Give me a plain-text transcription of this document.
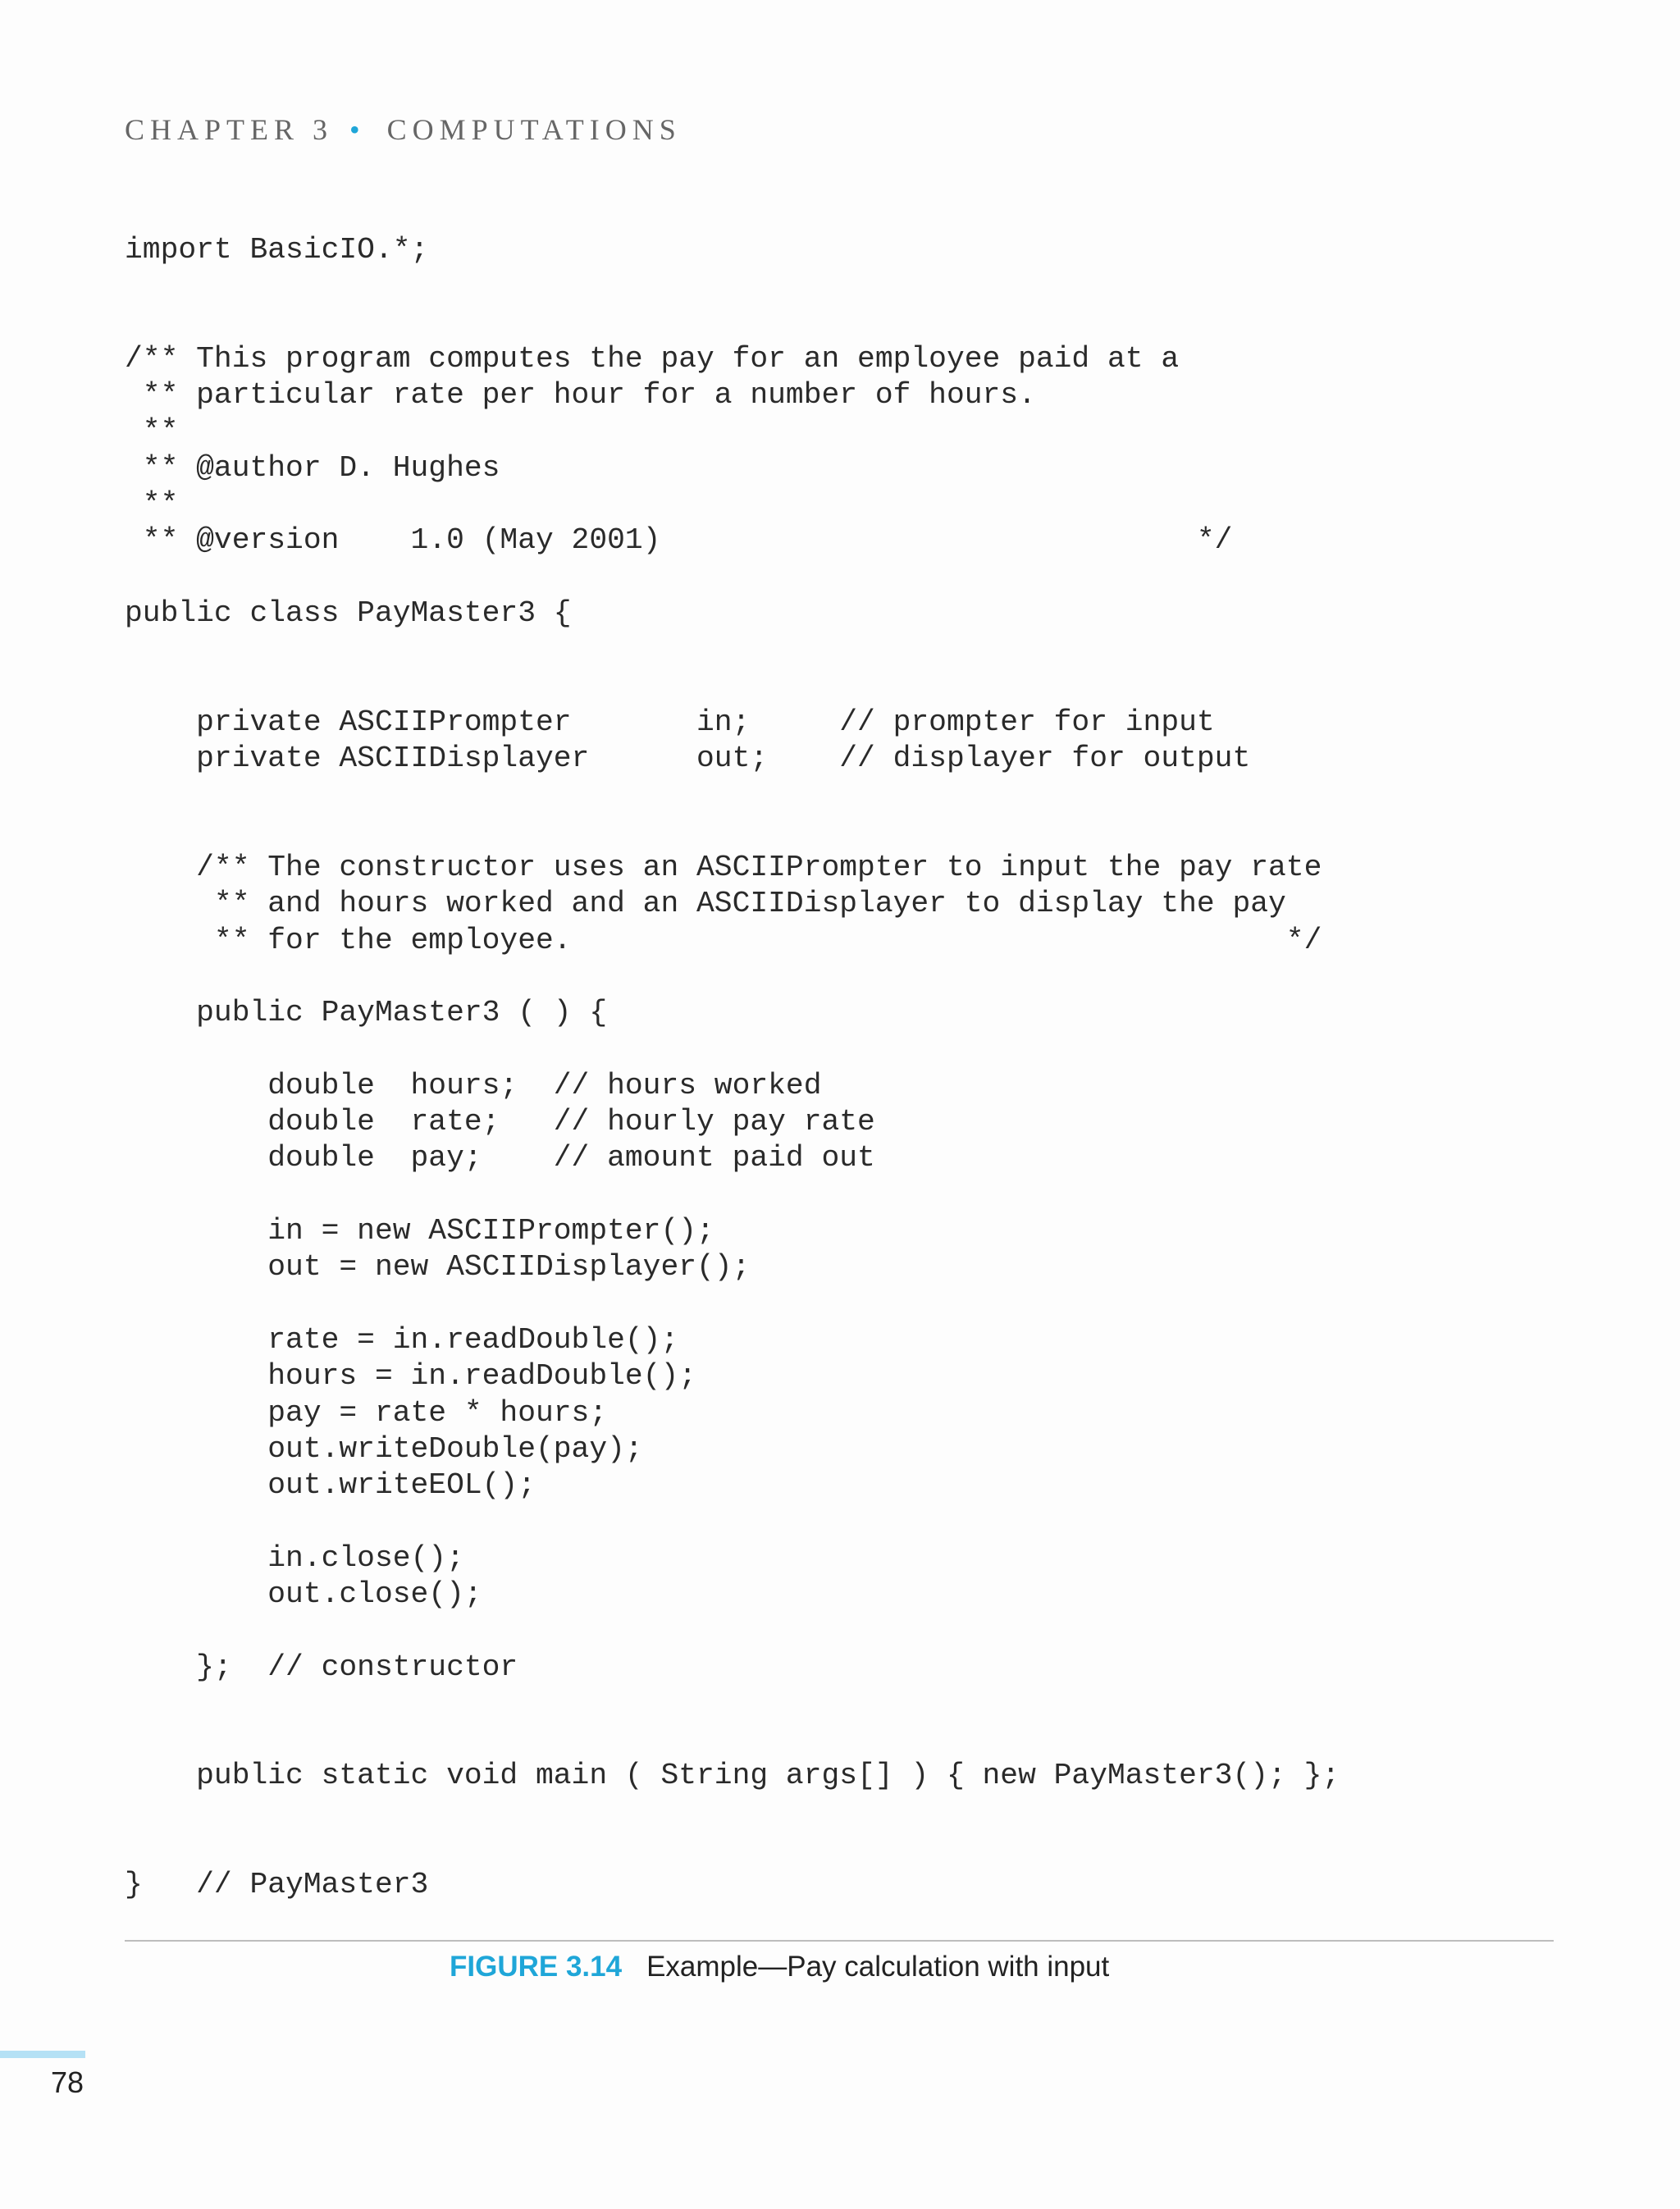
CHAPTER 3 • COMPUTATIONS
import BasicIO.*;

/** This program computes the pay for an employee paid at a
** particular rate per hour for a number of hours.
**
** @author D. Hughes
**
** @version    1.0 (May 2001)                              */

public class PayMaster3 {

private ASCIIPrompter       in;     // prompter for input
private ASCIIDisplayer      out;    // displayer for output

/** The constructor uses an ASCIIPrompter to input the pay rate
** and hours worked and an ASCIIDisplayer to display the pay
** for the employee.                                        */

public PayMaster3 ( ) {

double  hours;  // hours worked
double  rate;   // hourly pay rate
double  pay;    // amount paid out

in = new ASCIIPrompter();
out = new ASCIIDisplayer();

rate = in.readDouble();
hours = in.readDouble();
pay = rate * hours;
out.writeDouble(pay);
out.writeEOL();

in.close();
out.close();

};  // constructor

public static void main ( String args[] ) { new PayMaster3(); };

}   // PayMaster3
FIGURE 3.14 Example—Pay calculation with input
78
